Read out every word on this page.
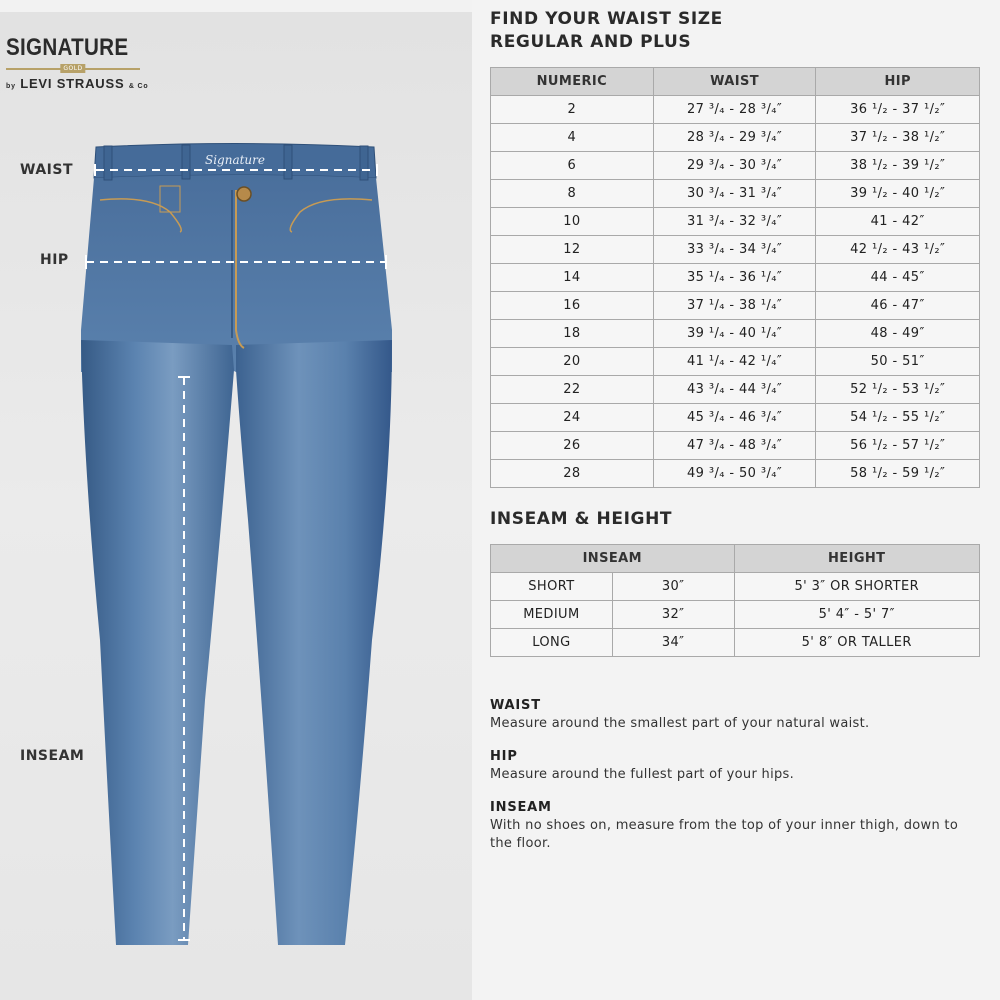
SIGNATURE
GOLD
by LEVI STRAUSS & Co
Signature
WAIST
HIP
INSEAM
FIND YOUR WAIST SIZE
REGULAR AND PLUS
NUMERIC	WAIST	HIP
2	27 ³/₄ - 28 ³/₄″	36 ¹/₂ - 37 ¹/₂″
4	28 ³/₄ - 29 ³/₄″	37 ¹/₂ - 38 ¹/₂″
6	29 ³/₄ - 30 ³/₄″	38 ¹/₂ - 39 ¹/₂″
8	30 ³/₄ - 31 ³/₄″	39 ¹/₂ - 40 ¹/₂″
10	31 ³/₄ - 32 ³/₄″	41 - 42″
12	33 ³/₄ - 34 ³/₄″	42 ¹/₂ - 43 ¹/₂″
14	35 ¹/₄ - 36 ¹/₄″	44 - 45″
16	37 ¹/₄ - 38 ¹/₄″	46 - 47″
18	39 ¹/₄ - 40 ¹/₄″	48 - 49″
20	41 ¹/₄ - 42 ¹/₄″	50 - 51″
22	43 ³/₄ - 44 ³/₄″	52 ¹/₂ - 53 ¹/₂″
24	45 ³/₄ - 46 ³/₄″	54 ¹/₂ - 55 ¹/₂″
26	47 ³/₄ - 48 ³/₄″	56 ¹/₂ - 57 ¹/₂″
28	49 ³/₄ - 50 ³/₄″	58 ¹/₂ - 59 ¹/₂″
INSEAM & HEIGHT
INSEAM		HEIGHT
SHORT	30″	5' 3″ OR SHORTER
MEDIUM	32″	5' 4″ - 5' 7″
LONG	34″	5' 8″ OR TALLER
WAIST

Measure around the smallest part of your natural waist.

HIP

Measure around the fullest part of your hips.

INSEAM

With no shoes on, measure from the top of your inner thigh, down to the floor.
